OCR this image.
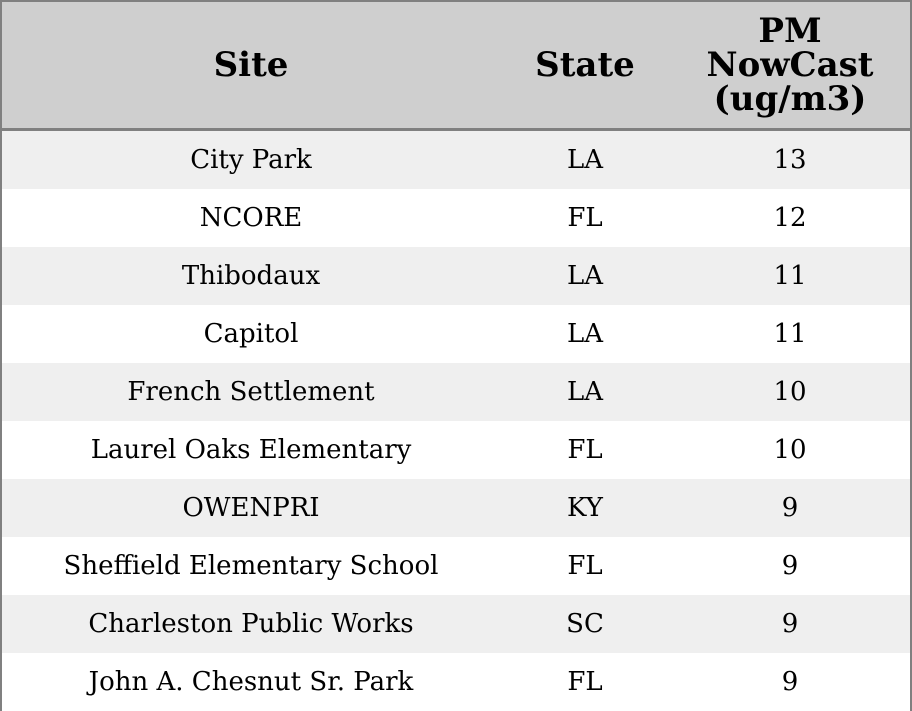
Site	State	PM
NowCast
(ug/m3)

City Park	LA	13
NCORE	FL	12
Thibodaux	LA	11
Capitol	LA	11
French Settlement	LA	10
Laurel Oaks Elementary	FL	10
OWENPRI	KY	9
Sheffield Elementary School	FL	9
Charleston Public Works	SC	9
John A. Chesnut Sr. Park	FL	9
